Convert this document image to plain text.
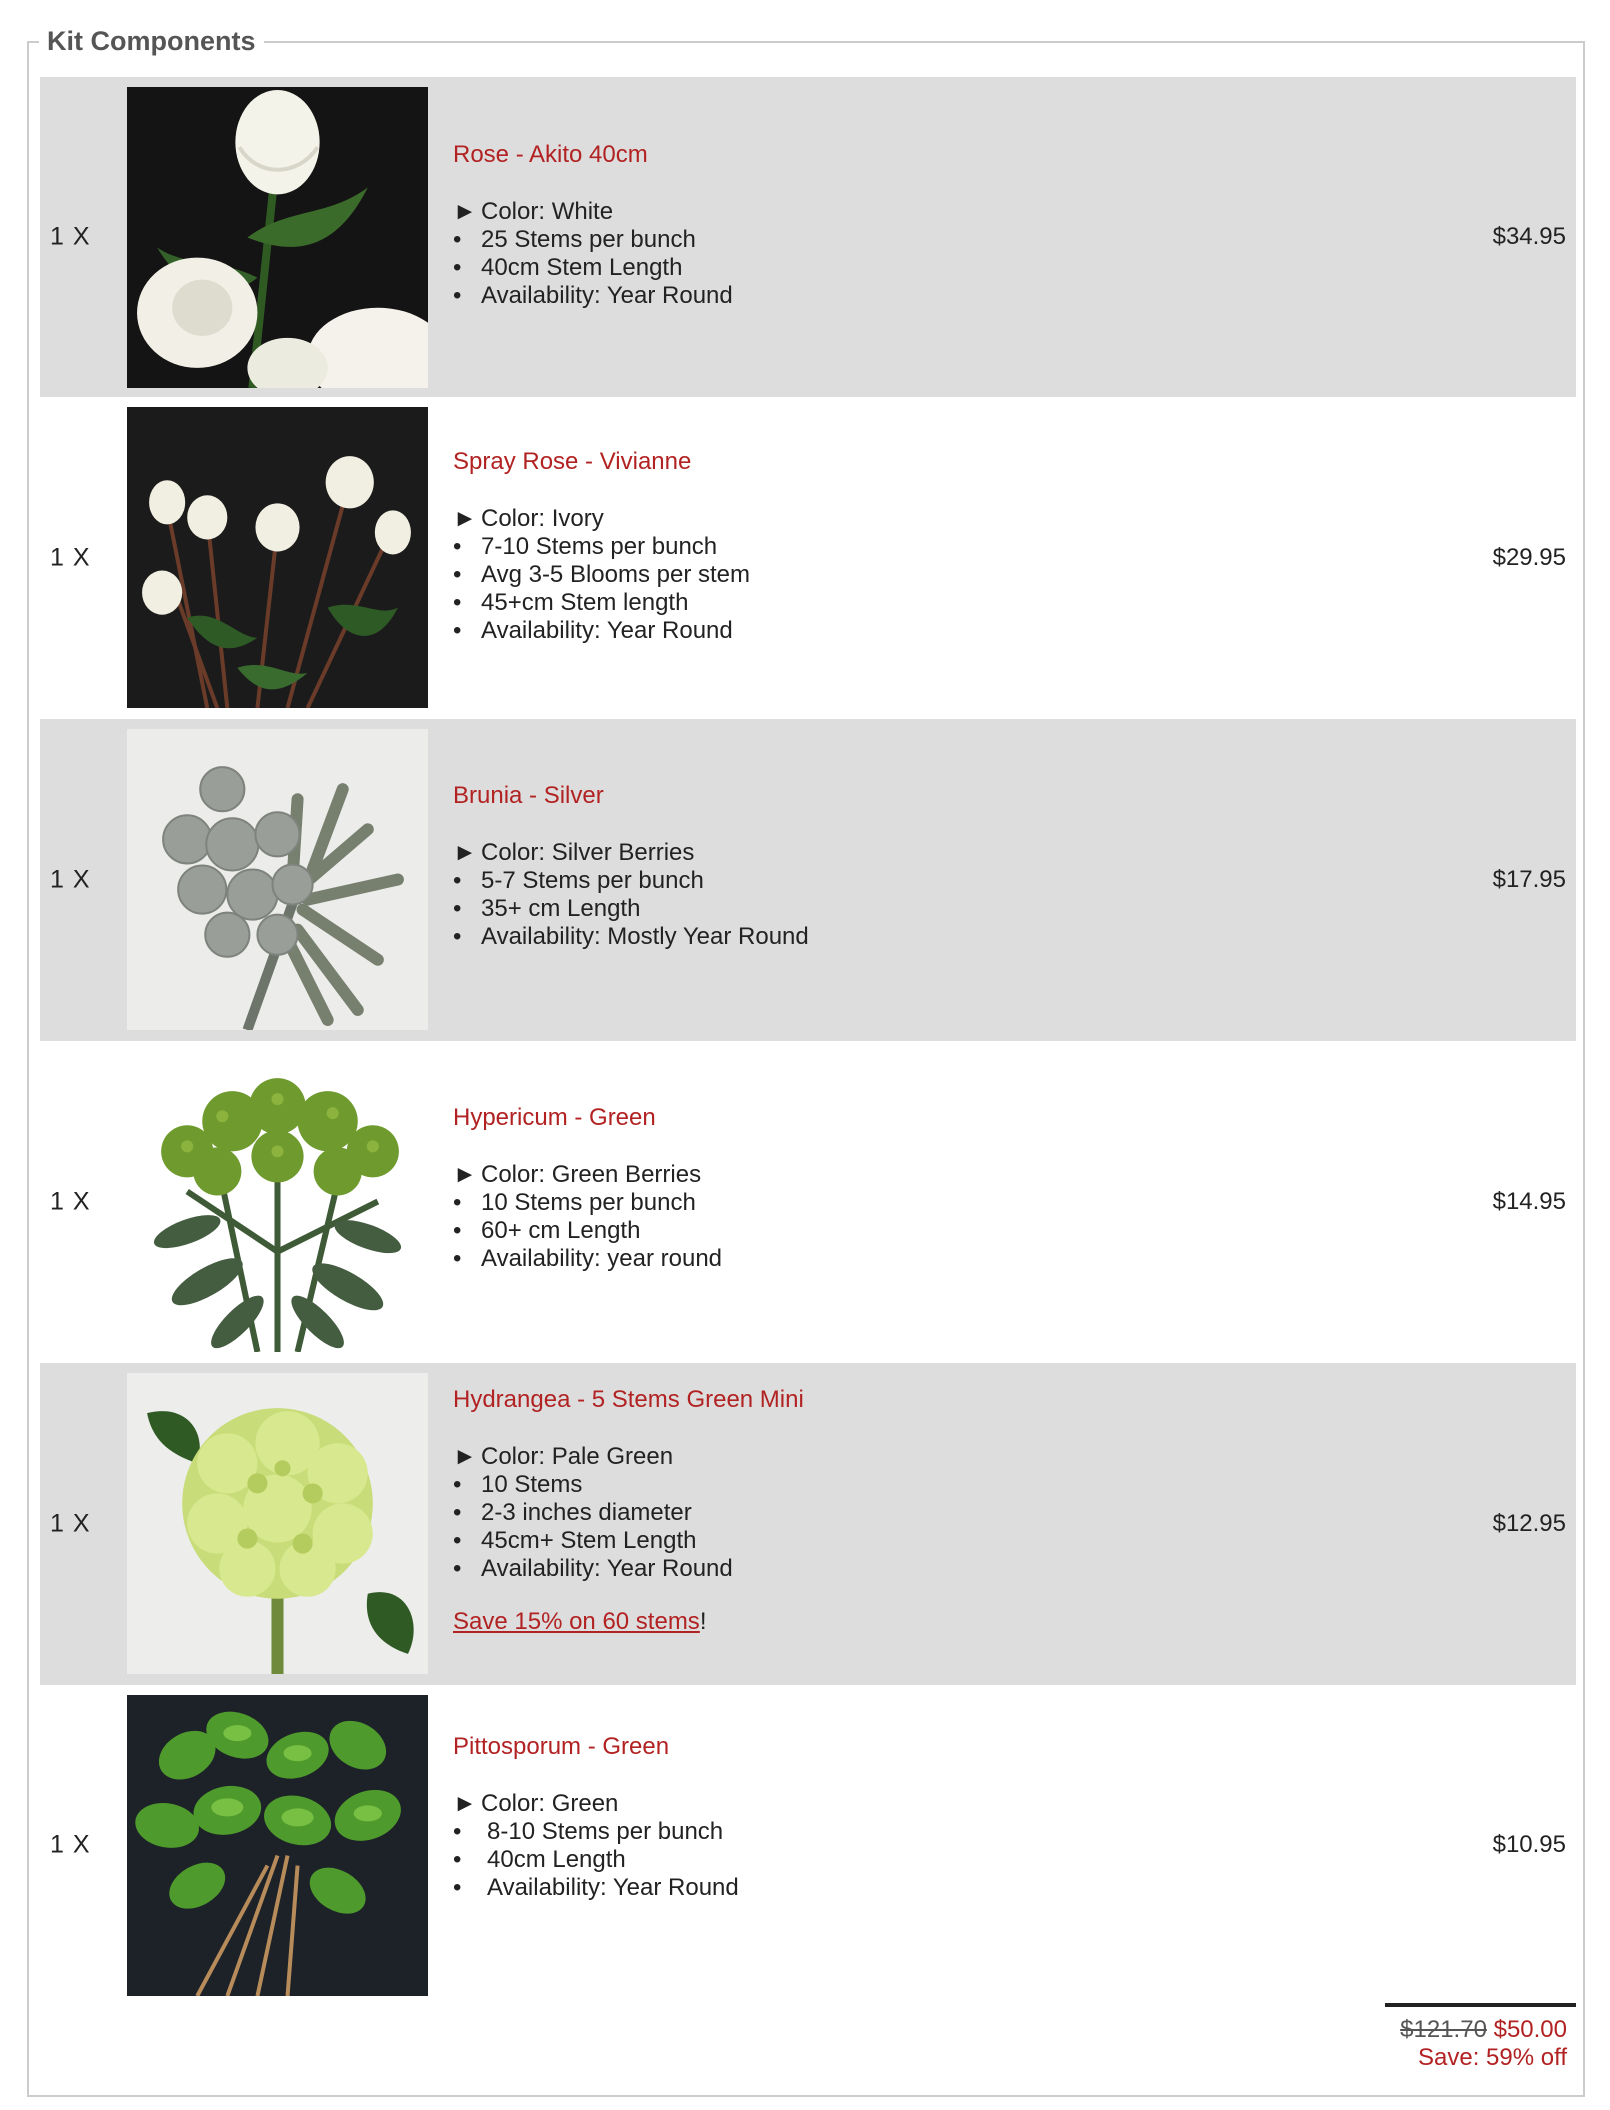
Kit Components
1 X
Rose - Akito 40cm
► Color: White
• 25 Stems per bunch
• 40cm Stem Length
• Availability: Year Round
$34.95
1 X
Spray Rose - Vivianne
► Color: Ivory
• 7-10 Stems per bunch
• Avg 3-5 Blooms per stem
• 45+cm Stem length
• Availability: Year Round
$29.95
1 X
Brunia - Silver
► Color: Silver Berries
• 5-7 Stems per bunch
• 35+ cm Length
• Availability: Mostly Year Round
$17.95
1 X
Hypericum - Green
► Color: Green Berries
• 10 Stems per bunch
• 60+ cm Length
• Availability: year round
$14.95
1 X
Hydrangea - 5 Stems Green Mini
► Color: Pale Green
• 10 Stems
• 2-3 inches diameter
• 45cm+ Stem Length
• Availability: Year Round
Save 15% on 60 stems!
$12.95
1 X
Pittosporum - Green
► Color: Green
•	8-10 Stems per bunch
•	40cm Length
•	Availability: Year Round
$10.95
$121.70 $50.00
Save: 59% off
